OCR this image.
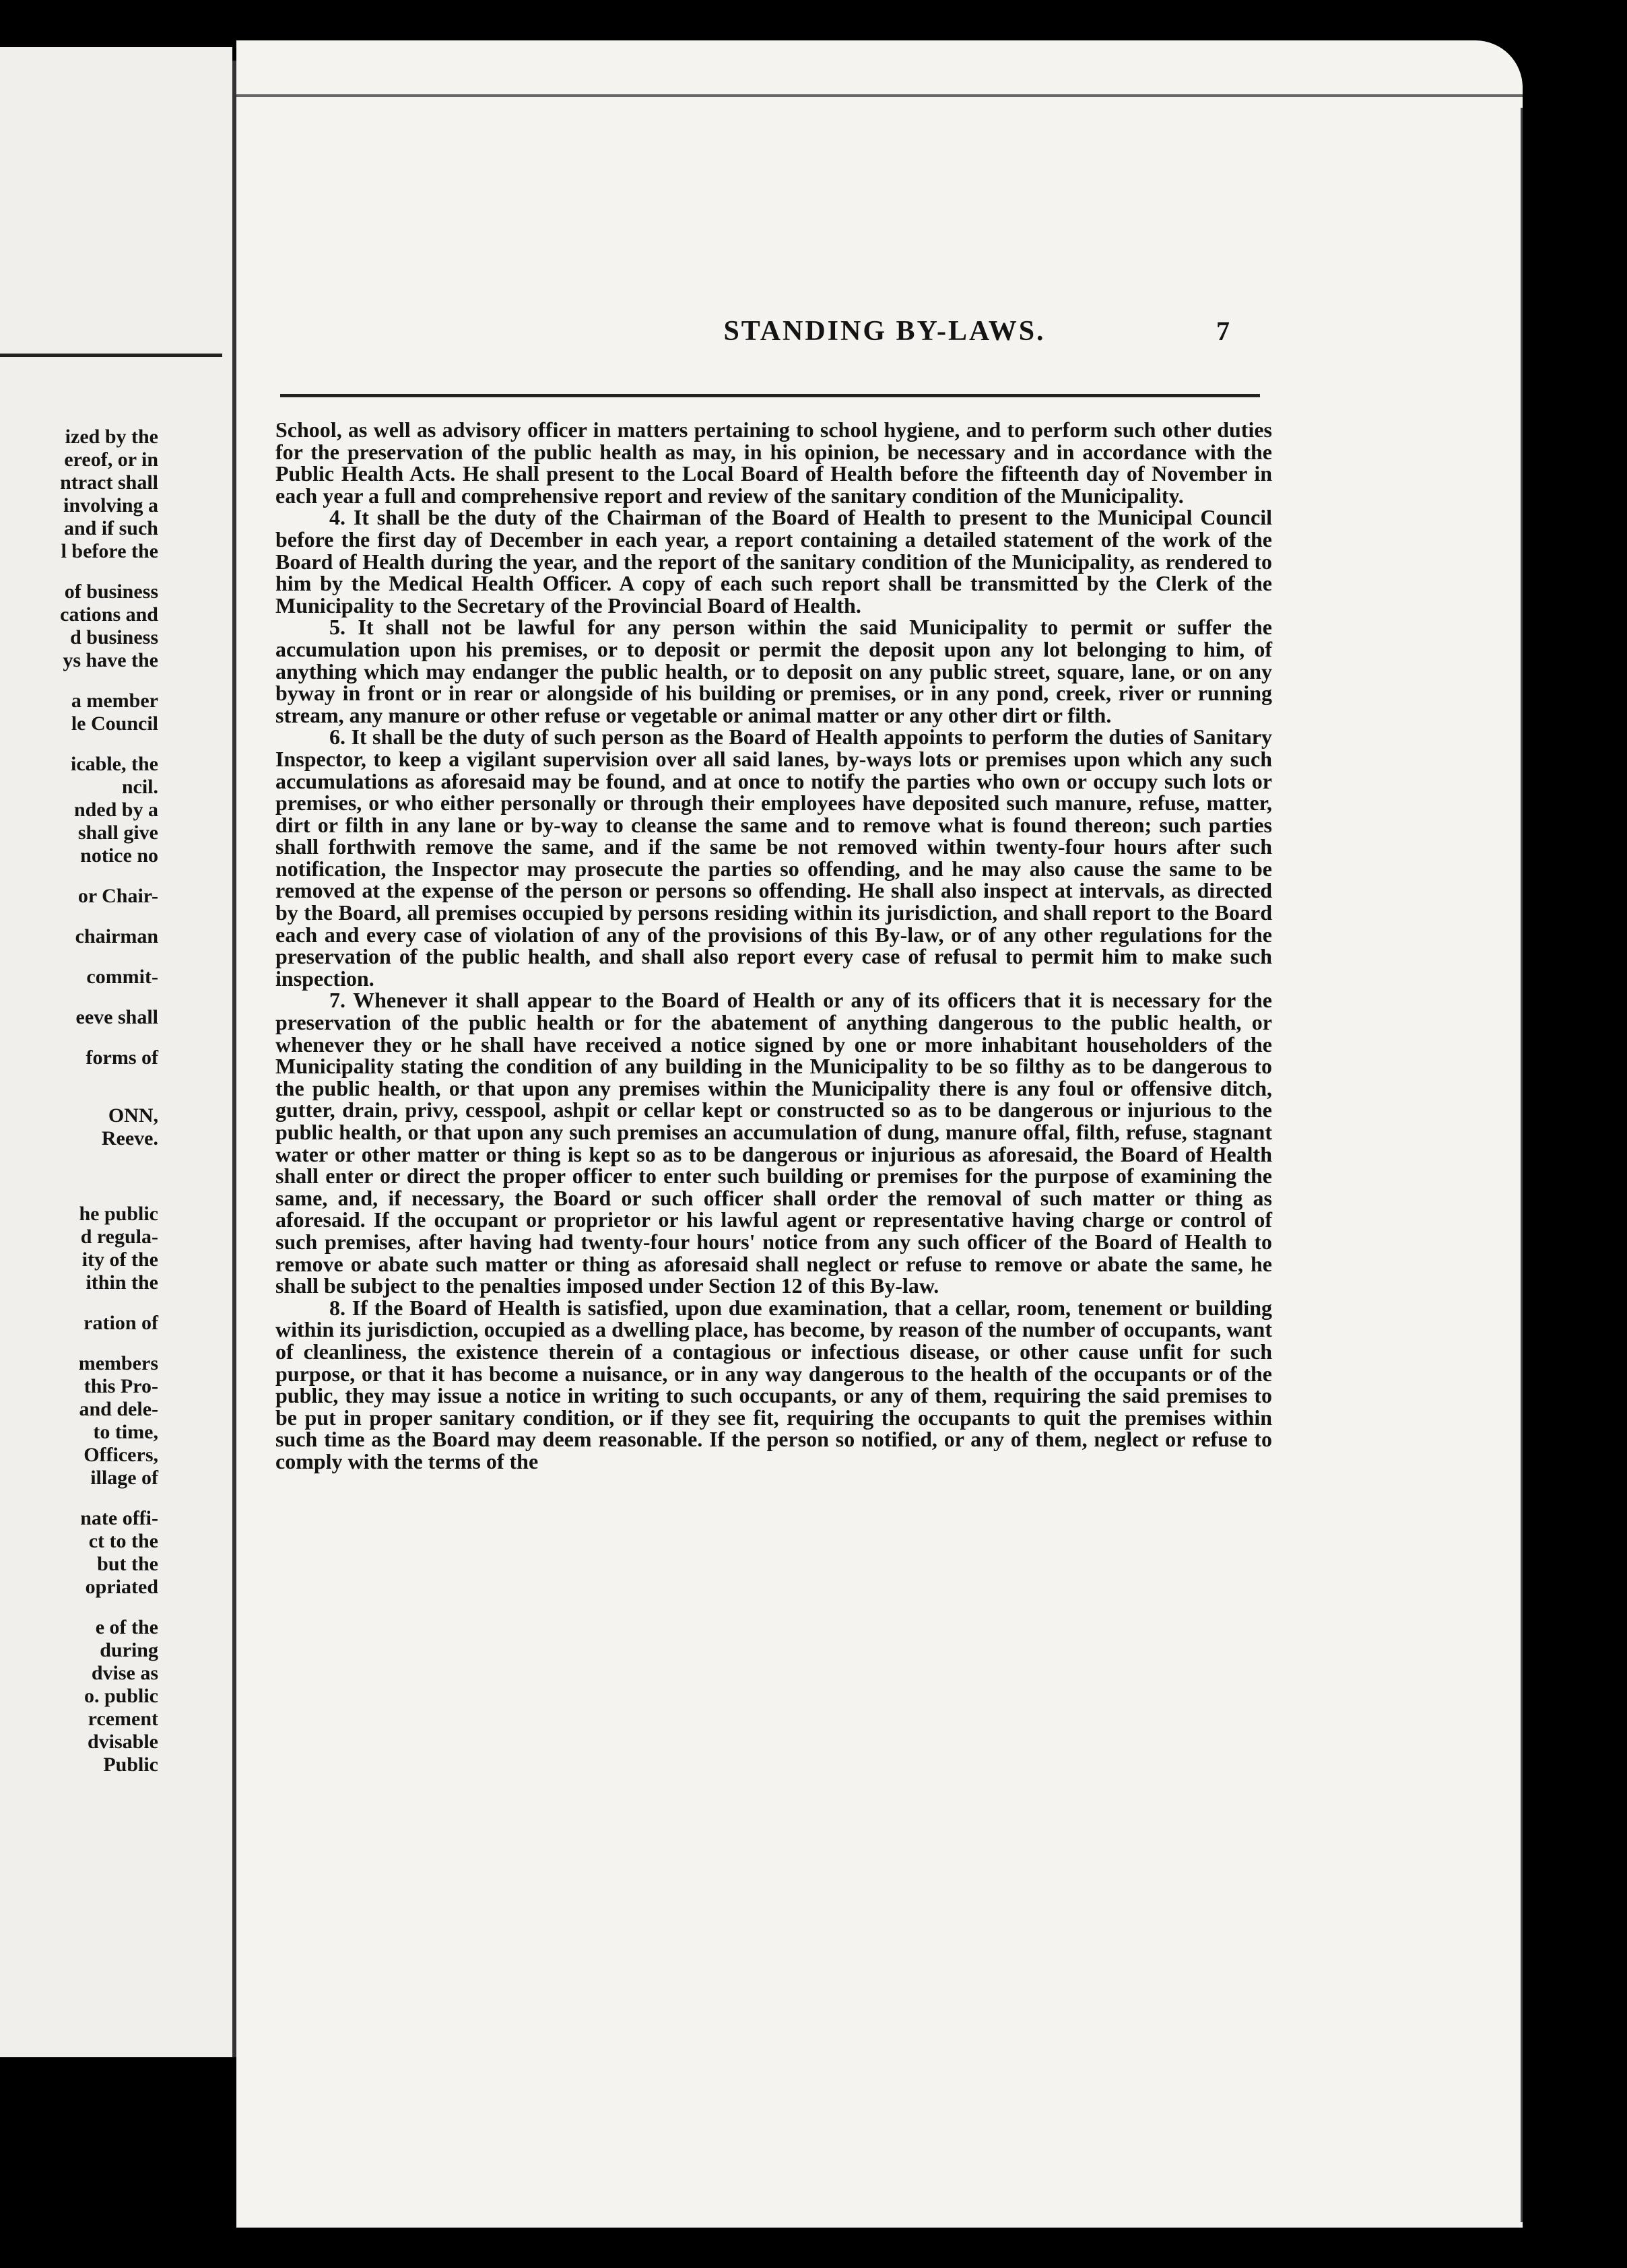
ized by the
ereof, or in
ntract shall
involving a
and if such
l before the
of business
cations and
d business
ys have the
a member
le Council
icable, the
ncil.
nded by a
shall give
notice no
or Chair-
chairman
commit-
eeve shall
forms of
ONN,
Reeve.
he public
d regula-
ity of the
ithin the
ration of
members
this Pro-
and dele-
to time,
Officers,
illage of
nate offi-
ct to the
but the
opriated
e of the
during
dvise as
o. public
rcement
dvisable
Public
STANDING BY-LAWS.	7

School, as well as advisory officer in matters pertaining to school hygiene, and to perform such other duties for the preservation of the public health as may, in his opinion, be necessary and in accordance with the Public Health Acts. He shall present to the Local Board of Health before the fifteenth day of November in each year a full and comprehensive report and review of the sanitary condition of the Municipality.

4. It shall be the duty of the Chairman of the Board of Health to present to the Municipal Council before the first day of December in each year, a report containing a detailed statement of the work of the Board of Health during the year, and the report of the sanitary condition of the Municipality, as rendered to him by the Medical Health Officer. A copy of each such report shall be transmitted by the Clerk of the Municipality to the Secretary of the Provincial Board of Health.

5. It shall not be lawful for any person within the said Municipality to permit or suffer the accumulation upon his premises, or to deposit or permit the deposit upon any lot belonging to him, of anything which may endanger the public health, or to deposit on any public street, square, lane, or on any byway in front or in rear or alongside of his building or premises, or in any pond, creek, river or running stream, any manure or other refuse or vegetable or animal matter or any other dirt or filth.

6. It shall be the duty of such person as the Board of Health appoints to perform the duties of Sanitary Inspector, to keep a vigilant supervision over all said lanes, by-ways lots or premises upon which any such accumulations as aforesaid may be found, and at once to notify the parties who own or occupy such lots or premises, or who either personally or through their employees have deposited such manure, refuse, matter, dirt or filth in any lane or by-way to cleanse the same and to remove what is found thereon; such parties shall forthwith remove the same, and if the same be not removed within twenty-four hours after such notification, the Inspector may prosecute the parties so offending, and he may also cause the same to be removed at the expense of the person or persons so offending. He shall also inspect at intervals, as directed by the Board, all premises occupied by persons residing within its jurisdiction, and shall report to the Board each and every case of violation of any of the provisions of this By-law, or of any other regulations for the preservation of the public health, and shall also report every case of refusal to permit him to make such inspection.

7. Whenever it shall appear to the Board of Health or any of its officers that it is necessary for the preservation of the public health or for the abatement of anything dangerous to the public health, or whenever they or he shall have received a notice signed by one or more inhabitant householders of the Municipality stating the condition of any building in the Municipality to be so filthy as to be dangerous to the public health, or that upon any premises within the Municipality there is any foul or offensive ditch, gutter, drain, privy, cesspool, ashpit or cellar kept or constructed so as to be dangerous or injurious to the public health, or that upon any such premises an accumulation of dung, manure offal, filth, refuse, stagnant water or other matter or thing is kept so as to be dangerous or injurious as aforesaid, the Board of Health shall enter or direct the proper officer to enter such building or premises for the purpose of examining the same, and, if necessary, the Board or such officer shall order the removal of such matter or thing as aforesaid. If the occupant or proprietor or his lawful agent or representative having charge or control of such premises, after having had twenty-four hours' notice from any such officer of the Board of Health to remove or abate such matter or thing as aforesaid shall neglect or refuse to remove or abate the same, he shall be subject to the penalties imposed under Section 12 of this By-law.

8. If the Board of Health is satisfied, upon due examination, that a cellar, room, tenement or building within its jurisdiction, occupied as a dwelling place, has become, by reason of the number of occupants, want of cleanliness, the existence therein of a contagious or infectious disease, or other cause unfit for such purpose, or that it has become a nuisance, or in any way dangerous to the health of the occupants or of the public, they may issue a notice in writing to such occupants, or any of them, requiring the said premises to be put in proper sanitary condition, or if they see fit, requiring the occupants to quit the premises within such time as the Board may deem reasonable. If the person so notified, or any of them, neglect or refuse to comply with the terms of the
